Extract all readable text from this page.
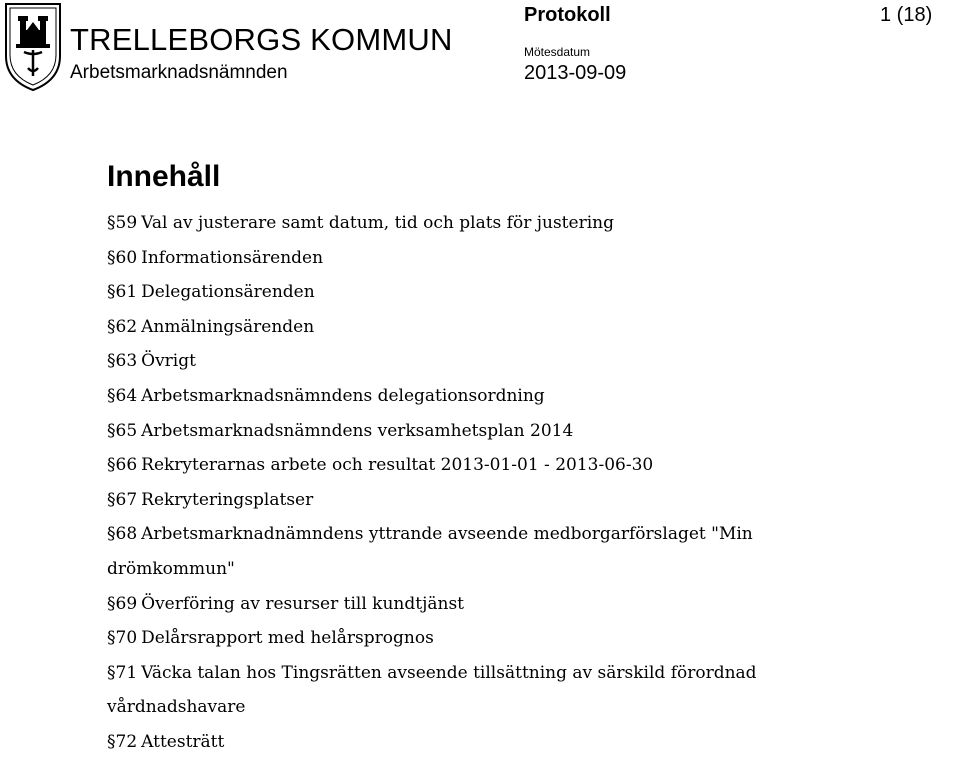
TRELLEBORGS KOMMUN
Arbetsmarknadsnämnden
Protokoll	1 (18)
Mötesdatum
2013-09-09
Innehåll
§59 Val av justerare samt datum, tid och plats för justering
§60 Informationsärenden
§61 Delegationsärenden
§62 Anmälningsärenden
§63 Övrigt
§64 Arbetsmarknadsnämndens delegationsordning
§65 Arbetsmarknadsnämndens verksamhetsplan 2014
§66 Rekryterarnas arbete och resultat 2013-01-01 - 2013-06-30
§67 Rekryteringsplatser
§68 Arbetsmarknadnämndens yttrande avseende medborgarförslaget "Min drömkommun"
§69 Överföring av resurser till kundtjänst
§70 Delårsrapport med helårsprognos
§71 Väcka talan hos Tingsrätten avseende tillsättning av särskild förordnad vårdnadshavare
§72 Attesträtt
